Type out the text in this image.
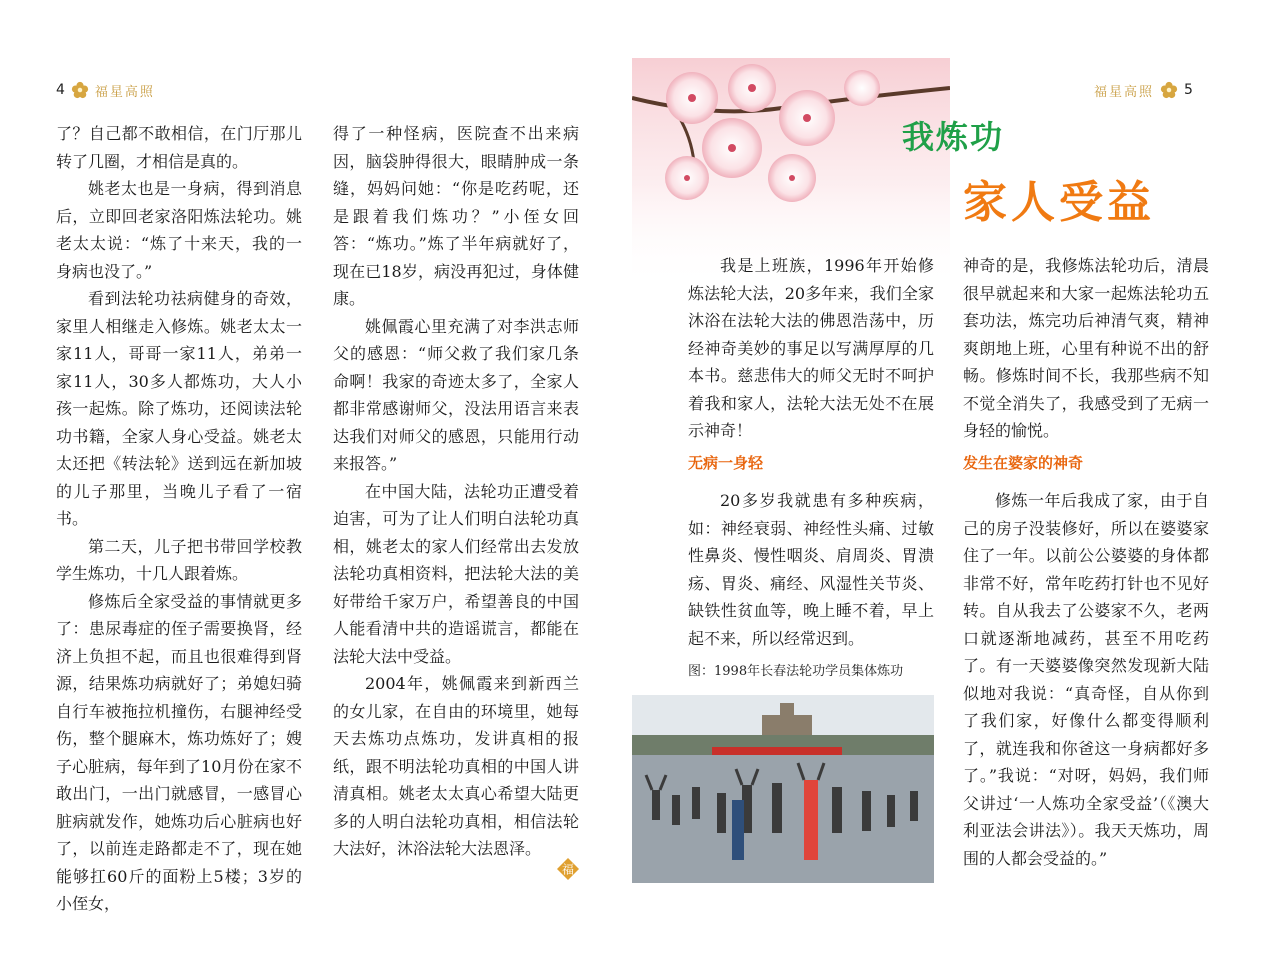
4 福星高照

了？自己都不敢相信，在门厅那儿转了几圈，才相信是真的。

姚老太也是一身病，得到消息后，立即回老家洛阳炼法轮功。姚老太太说：“炼了十来天，我的一身病也没了。”

看到法轮功祛病健身的奇效，家里人相继走入修炼。姚老太太一家11人，哥哥一家11人，弟弟一家11人，30多人都炼功，大人小孩一起炼。除了炼功，还阅读法轮功书籍，全家人身心受益。姚老太太还把《转法轮》送到远在新加坡的儿子那里，当晚儿子看了一宿书。

第二天，儿子把书带回学校教学生炼功，十几人跟着炼。

修炼后全家受益的事情就更多了：患尿毒症的侄子需要换肾，经济上负担不起，而且也很难得到肾源，结果炼功病就好了；弟媳妇骑自行车被拖拉机撞伤，右腿神经受伤，整个腿麻木，炼功炼好了；嫂子心脏病，每年到了10月份在家不敢出门，一出门就感冒，一感冒心脏病就发作，她炼功后心脏病也好了，以前连走路都走不了，现在她能够扛60斤的面粉上5楼；3岁的小侄女，

得了一种怪病，医院查不出来病因，脑袋肿得很大，眼睛肿成一条缝，妈妈问她：“你是吃药呢，还是跟着我们炼功？”小侄女回答：“炼功。”炼了半年病就好了，现在已18岁，病没再犯过，身体健康。

姚佩霞心里充满了对李洪志师父的感恩：“师父救了我们家几条命啊！我家的奇迹太多了，全家人都非常感谢师父，没法用语言来表达我们对师父的感恩，只能用行动来报答。”

在中国大陆，法轮功正遭受着迫害，可为了让人们明白法轮功真相，姚老太的家人们经常出去发放法轮功真相资料，把法轮大法的美好带给千家万户，希望善良的中国人能看清中共的造谣谎言，都能在法轮大法中受益。

2004年，姚佩霞来到新西兰的女儿家，在自由的环境里，她每天去炼功点炼功，发讲真相的报纸，跟不明法轮功真相的中国人讲清真相。姚老太太真心希望大陆更多的人明白法轮功真相，相信法轮大法好，沐浴法轮大法恩泽。

福
福星高照 5
我炼功
家人受益

我是上班族，1996年开始修炼法轮大法，20多年来，我们全家沐浴在法轮大法的佛恩浩荡中，历经神奇美妙的事足以写满厚厚的几本书。慈悲伟大的师父无时不呵护着我和家人，法轮大法无处不在展示神奇！

无病一身轻

20多岁我就患有多种疾病，如：神经衰弱、神经性头痛、过敏性鼻炎、慢性咽炎、肩周炎、胃溃疡、胃炎、痛经、风湿性关节炎、缺铁性贫血等，晚上睡不着，早上起不来，所以经常迟到。

图：1998年长春法轮功学员集体炼功

神奇的是，我修炼法轮功后，清晨很早就起来和大家一起炼法轮功五套功法，炼完功后神清气爽，精神爽朗地上班，心里有种说不出的舒畅。修炼时间不长，我那些病不知不觉全消失了，我感受到了无病一身轻的愉悦。

发生在婆家的神奇

修炼一年后我成了家，由于自己的房子没装修好，所以在婆婆家住了一年。以前公公婆婆的身体都非常不好，常年吃药打针也不见好转。自从我去了公婆家不久，老两口就逐渐地减药，甚至不用吃药了。有一天婆婆像突然发现新大陆似地对我说：“真奇怪，自从你到了我们家，好像什么都变得顺利了，就连我和你爸这一身病都好多了。”我说：“对呀，妈妈，我们师父讲过‘一人炼功全家受益’（《澳大利亚法会讲法》）。我天天炼功，周围的人都会受益的。”
